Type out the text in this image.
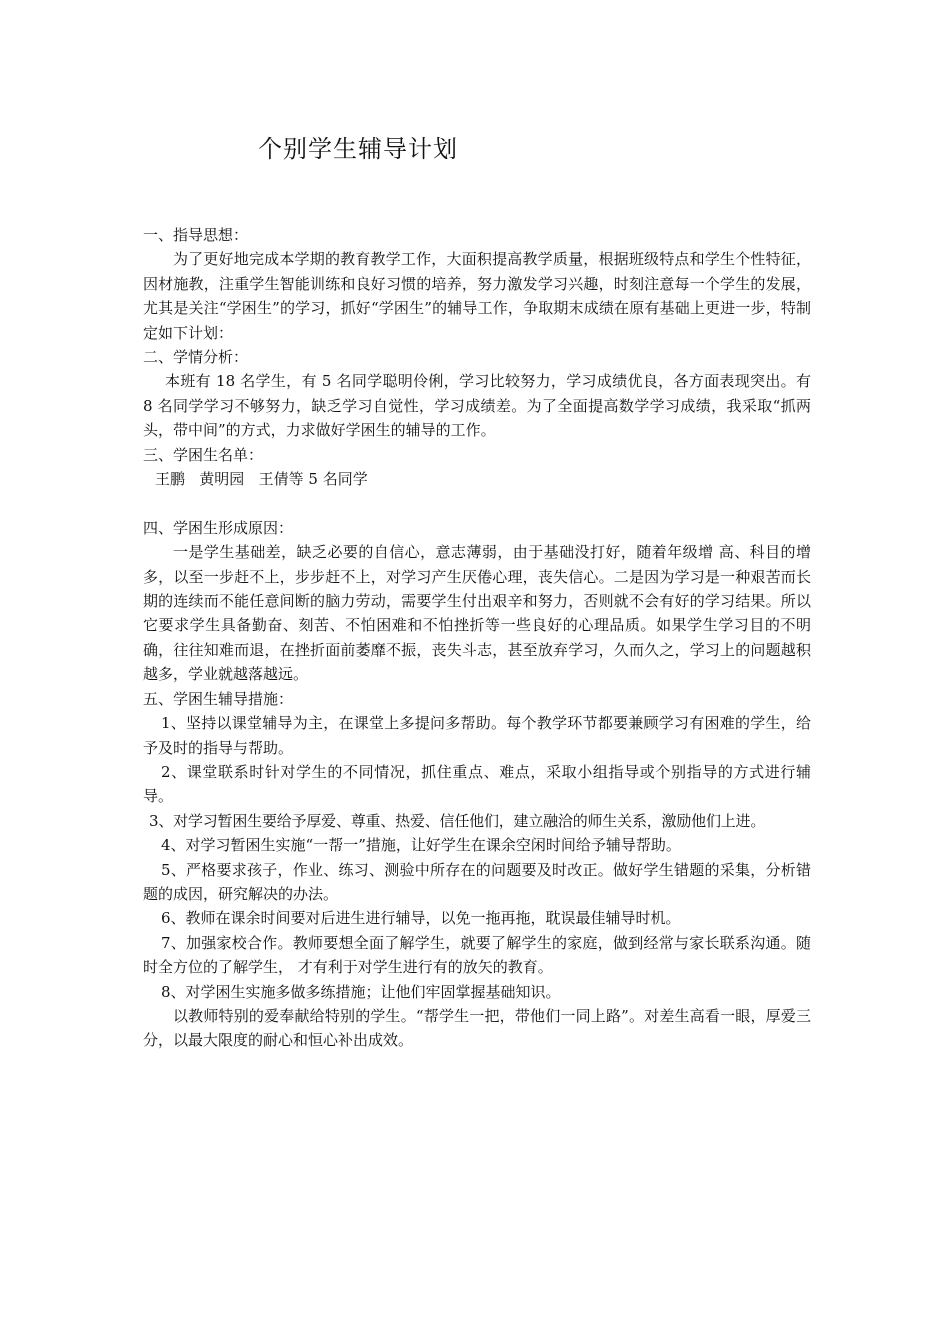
个别学生辅导计划

一、指导思想：

为了更好地完成本学期的教育教学工作，大面积提高教学质量，根据班级特点和学生个性特征，因材施教，注重学生智能训练和良好习惯的培养，努力激发学习兴趣，时刻注意每一个学生的发展，尤其是关注“学困生”的学习，抓好“学困生”的辅导工作，争取期末成绩在原有基础上更进一步，特制定如下计划：

二、学情分析：

本班有 18 名学生，有 5 名同学聪明伶俐，学习比较努力，学习成绩优良，各方面表现突出。有 8 名同学学习不够努力，缺乏学习自觉性，学习成绩差。为了全面提高数学学习成绩，我采取“抓两头，带中间”的方式，力求做好学困生的辅导的工作。

三、学困生名单：

王鹏   黄明园   王倩等 5 名同学

四、学困生形成原因：

一是学生基础差，缺乏必要的自信心，意志薄弱，由于基础没打好，随着年级增 高、科目的增多，以至一步赶不上，步步赶不上，对学习产生厌倦心理，丧失信心。二是因为学习是一种艰苦而长期的连续而不能任意间断的脑力劳动，需要学生付出艰辛和努力，否则就不会有好的学习结果。所以它要求学生具备勤奋、刻苦、不怕困难和不怕挫折等一些良好的心理品质。如果学生学习目的不明确，往往知难而退，在挫折面前萎靡不振，丧失斗志，甚至放弃学习，久而久之，学习上的问题越积越多，学业就越落越远。

五、学困生辅导措施：

1、坚持以课堂辅导为主，在课堂上多提问多帮助。每个教学环节都要兼顾学习有困难的学生，给予及时的指导与帮助。

2、课堂联系时针对学生的不同情况，抓住重点、难点，采取小组指导或个别指导的方式进行辅导。

3、对学习暂困生要给予厚爱、尊重、热爱、信任他们，建立融洽的师生关系，激励他们上进。

4、对学习暂困生实施“一帮一”措施，让好学生在课余空闲时间给予辅导帮助。

5、严格要求孩子，作业、练习、测验中所存在的问题要及时改正。做好学生错题的采集，分析错题的成因，研究解决的办法。

6、教师在课余时间要对后进生进行辅导，以免一拖再拖，耽误最佳辅导时机。

7、加强家校合作。教师要想全面了解学生，就要了解学生的家庭，做到经常与家长联系沟通。随时全方位的了解学生， 才有利于对学生进行有的放矢的教育。

8、对学困生实施多做多练措施；让他们牢固掌握基础知识。

以教师特别的爱奉献给特别的学生。“帮学生一把，带他们一同上路”。对差生高看一眼，厚爱三分，以最大限度的耐心和恒心补出成效。
